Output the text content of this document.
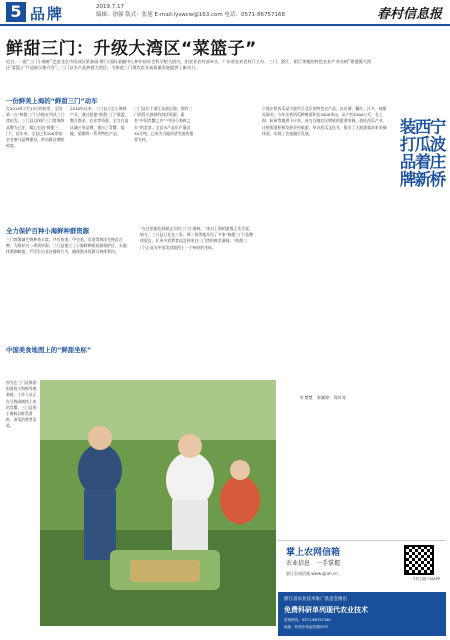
5 品牌	2019.7.17
编辑：徐强 版式：张旭 E-mail:lyswcw@163.com 电话：0571-86757168	春村信息报
鲜甜三门：升级大湾区“菜篮子”
近日，一批“三门小海鲜”走进北京市西部区景泰园·斯门·国际金融中心和中国社会科学院大院内，由农业农村部牵头，广东省农业农村厅主办、三门、湛江、阳江等地的特色农业产业亮相“粤港澳大湾区‘菜篮子’产品展示推介会”。三门县水产品热销大湾区，为推进三门现代农业高质量发展提供了新动力。
一份鲜美上海的“鲜甜三门”动车
在2019年7月15日的夜里，全国第一台“鲜甜三门”冷链专列从三门湾出发。三门县以保护三门湾海鲜品牌为己任，精心打造“鲜甜三门”，近年来，全县已有200余家企业参与品牌建设，带动群众增收致富。
2018年以来，三门县立足小海鲜产业，通过组建“鲜甜三门”联盟，整合渔业、农业等资源，全力打造区域公用品牌，推出了青蟹、缢蛏、望潮等一系列特色产品。
三门县位于浙江东部沿海，拥有三门湾得天独厚的海洋资源，素有“中国青蟹之乡”“中国小海鲜之乡”的美誉。全县水产品年产量近30万吨，已成为当地经济发展的重要支柱。
全力保护百种小海鲜种群资源
三门湾海域生物种类丰富，共有鱼类、甲壳类、贝类等海洋生物近百种。为保护这一珍贵资源，三门县建立了小海鲜种质资源保护区，实施休渔期制度，严厉打击非法捕捞行为，确保渔业资源可持续利用。
中国美食地图上的“鲜甜坐标”
“在这里能吃到最正宗的三门小海鲜。”来自上海的游客王先生说。如今，三门县已在长三角、珠三角等地开设了多家“鲜甜三门”品牌体验店，让更多消费者品尝到来自三门湾的鲜美滋味，“鲜甜三门”正成为中国美食地图上一个响亮的坐标。
宁波庄桥西瓜是宁波市江北区的特色农产品，以皮薄、瓤红、汁多、味甜而闻名。今年庄桥西瓜种植面积达3000余亩，亩产约2500公斤，在上海、杭州等地供不应求，成为当地农民增收的重要来源。依托西瓜产业，庄桥街道积极发展乡村旅游，举办西瓜文化节，吸引了大批游客前来采摘体验，实现了农旅融合发展。	宁波庄桥
西瓜着新
装打品牌
叶楚楚　张颖婷　郑叶亮
图为在三门县海游街道的小海鲜养殖基地，工作人员正在分拣刚捕捞上来的青蟹。三门县的小海鲜以鲜美著称，深受消费者喜爱。
掌上农网信箱
农业信息　一手掌握
浙江农网信箱 www.zjnm.cn
手机扫描下载APP
浙江省农业技术推广基金会推出
免费科研单列现代农业技术
咨询热线：0571-86757160
地址：杭州市凤起东路29号
